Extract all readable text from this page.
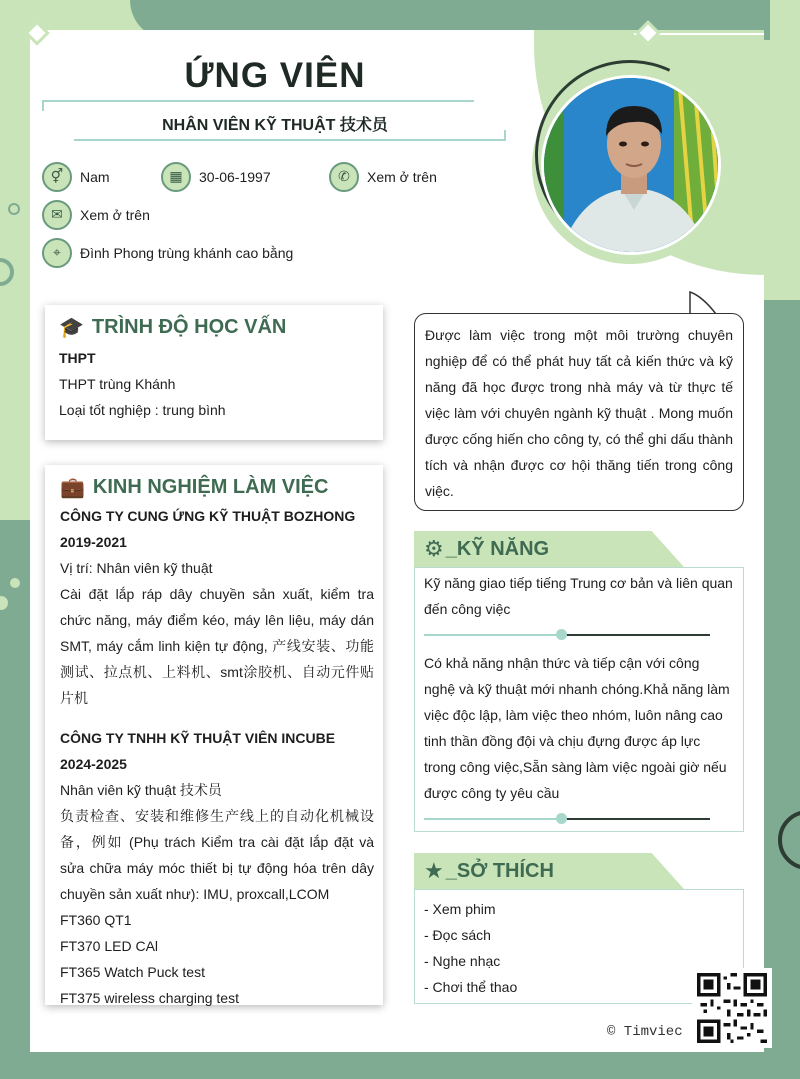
ỨNG VIÊN
NHÂN VIÊN KỸ THUẬT 技术员
⚥	Nam	▦	30-06-1997	✆	Xem ở trên
✉	Xem ở trên
⌖	Đình Phong trùng khánh cao bằng
🎓 TRÌNH ĐỘ HỌC VẤN
THPT
THPT trùng Khánh
Loại tốt nghiệp : trung bình
💼 KINH NGHIỆM LÀM VIỆC
CÔNG TY CUNG ỨNG KỸ THUẬT BOZHONG
2019-2021
Vị trí: Nhân viên kỹ thuật
Cài đặt lắp ráp dây chuyền sản xuất, kiểm tra chức năng, máy điểm kéo, máy lên liệu, máy dán SMT, máy cắm linh kiện tự động, 产线安装、功能测试、拉点机、上料机、smt涂胶机、自动元件贴片机
CÔNG TY TNHH KỸ THUẬT VIÊN INCUBE
2024-2025
Nhân viên kỹ thuật 技术员
负责检查、安装和维修生产线上的自动化机械设备，例如 (Phụ trách Kiểm tra cài đặt lắp đặt và sửa chữa máy móc thiết bị tự động hóa trên dây chuyền sản xuất như): IMU, proxcall,LCOM
FT360 QT1
FT370 LED CAl
FT365 Watch Puck test
FT375 wireless charging test
Được làm việc trong một môi trường chuyên nghiệp để có thể phát huy tất cả kiến thức và kỹ năng đã học được trong nhà máy và từ thực tế việc làm với chuyên ngành kỹ thuật . Mong muốn được cống hiến cho công ty, có thể ghi dấu thành tích và nhận được cơ hội thăng tiến trong công việc.
⚙ _KỸ NĂNG
Kỹ năng giao tiếp tiếng Trung cơ bản và liên quan đến công việc
Có khả năng nhận thức và tiếp cận với công nghệ và kỹ thuật mới nhanh chóng.Khả năng làm việc độc lập, làm việc theo nhóm, luôn nâng cao tinh thần đồng đội và chịu đựng được áp lực trong công việc,Sẵn sàng làm việc ngoài giờ nếu được công ty yêu cầu
★ _SỞ THÍCH
- Xem phim
- Đọc sách
- Nghe nhạc
- Chơi thể thao
© Timviec
